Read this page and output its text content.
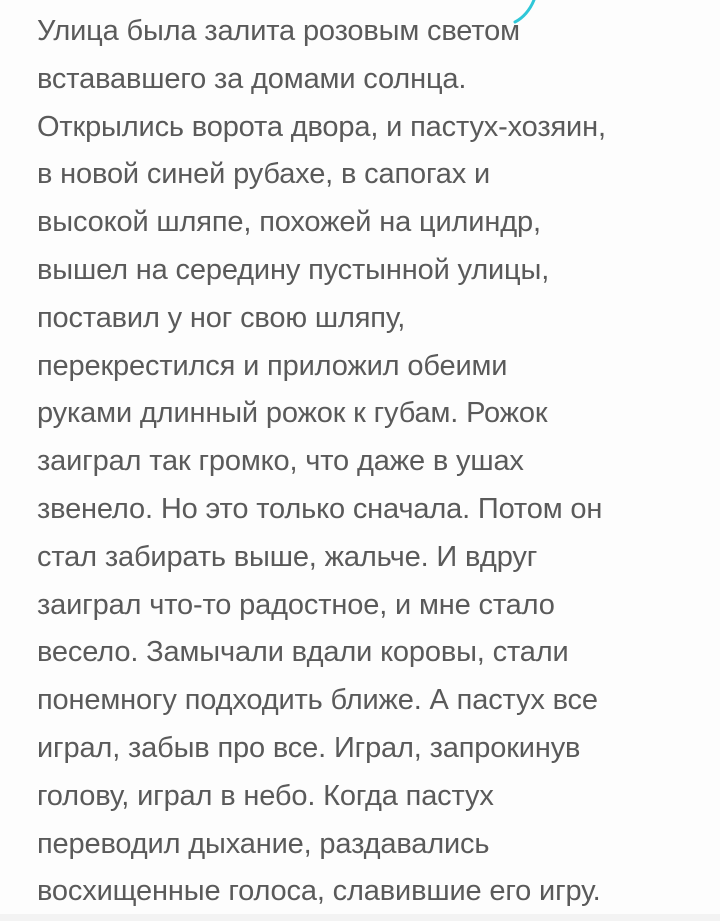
Улица была залита розовым светом
встававшего за домами солнца.
Открылись ворота двора, и пастух-хозяин,
в новой синей рубахе, в сапогах и
высокой шляпе, похожей на цилиндр,
вышел на середину пустынной улицы,
поставил у ног свою шляпу,
перекрестился и приложил обеими
руками длинный рожок к губам. Рожок
заиграл так громко, что даже в ушах
звенело. Но это только сначала. Потом он
стал забирать выше, жальче. И вдруг
заиграл что-то радостное, и мне стало
весело. Замычали вдали коровы, стали
понемногу подходить ближе. А пастух все
играл, забыв про все. Играл, запрокинув
голову, играл в небо. Когда пастух
переводил дыхание, раздавались
восхищенные голоса, славившие его игру.
